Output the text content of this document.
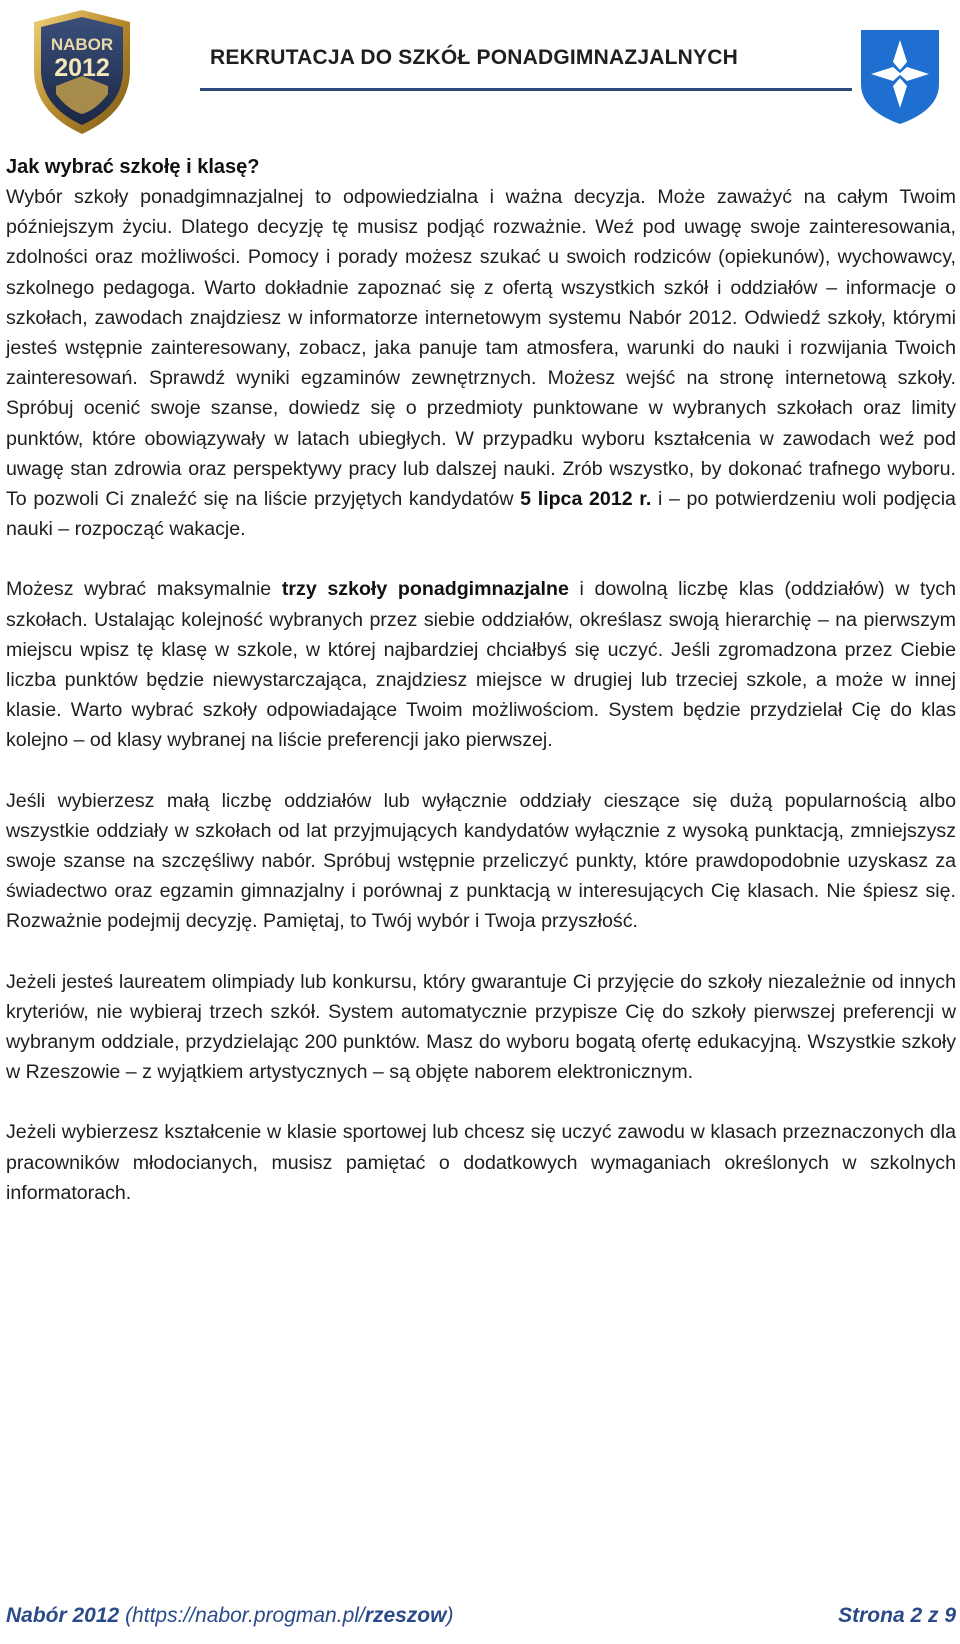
NABOR
2012	REKRUTACJA DO SZKÓŁ PONADGIMNAZJALNYCH

Jak wybrać szkołę i klasę?

Wybór szkoły ponadgimnazjalnej to odpowiedzialna i ważna decyzja. Może zaważyć na całym Twoim późniejszym życiu. Dlatego decyzję tę musisz podjąć rozważnie. Weź pod uwagę swoje zainteresowania, zdolności oraz możliwości. Pomocy i porady możesz szukać u swoich rodziców (opiekunów), wychowawcy, szkolnego pedagoga. Warto dokładnie zapoznać się z ofertą wszystkich szkół i oddziałów – informacje o szkołach, zawodach znajdziesz w informatorze internetowym systemu Nabór 2012. Odwiedź szkoły, którymi jesteś wstępnie zainteresowany, zobacz, jaka panuje tam atmosfera, warunki do nauki i rozwijania Twoich zainteresowań. Sprawdź wyniki egzaminów zewnętrznych. Możesz wejść na stronę internetową szkoły. Spróbuj ocenić swoje szanse, dowiedz się o przedmioty punktowane w wybranych szkołach oraz limity punktów, które obowiązywały w latach ubiegłych. W przypadku wyboru kształcenia w zawodach weź pod uwagę stan zdrowia oraz perspektywy pracy lub dalszej nauki. Zrób wszystko, by dokonać trafnego wyboru. To pozwoli Ci znaleźć się na liście przyjętych kandydatów 5 lipca 2012 r. i – po potwierdzeniu woli podjęcia nauki – rozpocząć wakacje.

Możesz wybrać maksymalnie trzy szkoły ponadgimnazjalne i dowolną liczbę klas (oddziałów) w tych szkołach. Ustalając kolejność wybranych przez siebie oddziałów, określasz swoją hierarchię – na pierwszym miejscu wpisz tę klasę w szkole, w której najbardziej chciałbyś się uczyć. Jeśli zgromadzona przez Ciebie liczba punktów będzie niewystarczająca, znajdziesz miejsce w drugiej lub trzeciej szkole, a może w innej klasie. Warto wybrać szkoły odpowiadające Twoim możliwościom. System będzie przydzielał Cię do klas kolejno – od klasy wybranej na liście preferencji jako pierwszej.

Jeśli wybierzesz małą liczbę oddziałów lub wyłącznie oddziały cieszące się dużą popularnością albo wszystkie oddziały w szkołach od lat przyjmujących kandydatów wyłącznie z wysoką punktacją, zmniejszysz swoje szanse na szczęśliwy nabór. Spróbuj wstępnie przeliczyć punkty, które prawdopodobnie uzyskasz za świadectwo oraz egzamin gimnazjalny i porównaj z punktacją w interesujących Cię klasach. Nie śpiesz się. Rozważnie podejmij decyzję. Pamiętaj, to Twój wybór i Twoja przyszłość.

Jeżeli jesteś laureatem olimpiady lub konkursu, który gwarantuje Ci przyjęcie do szkoły niezależnie od innych kryteriów, nie wybieraj trzech szkół. System automatycznie przypisze Cię do szkoły pierwszej preferencji w wybranym oddziale, przydzielając 200 punktów. Masz do wyboru bogatą ofertę edukacyjną. Wszystkie szkoły w Rzeszowie – z wyjątkiem artystycznych – są objęte naborem elektronicznym.

Jeżeli wybierzesz kształcenie w klasie sportowej lub chcesz się uczyć zawodu w klasach przeznaczonych dla pracowników młodocianych, musisz pamiętać o dodatkowych wymaganiach określonych w szkolnych informatorach.

Nabór 2012 (https://nabor.progman.pl/rzeszow)	Strona 2 z 9
